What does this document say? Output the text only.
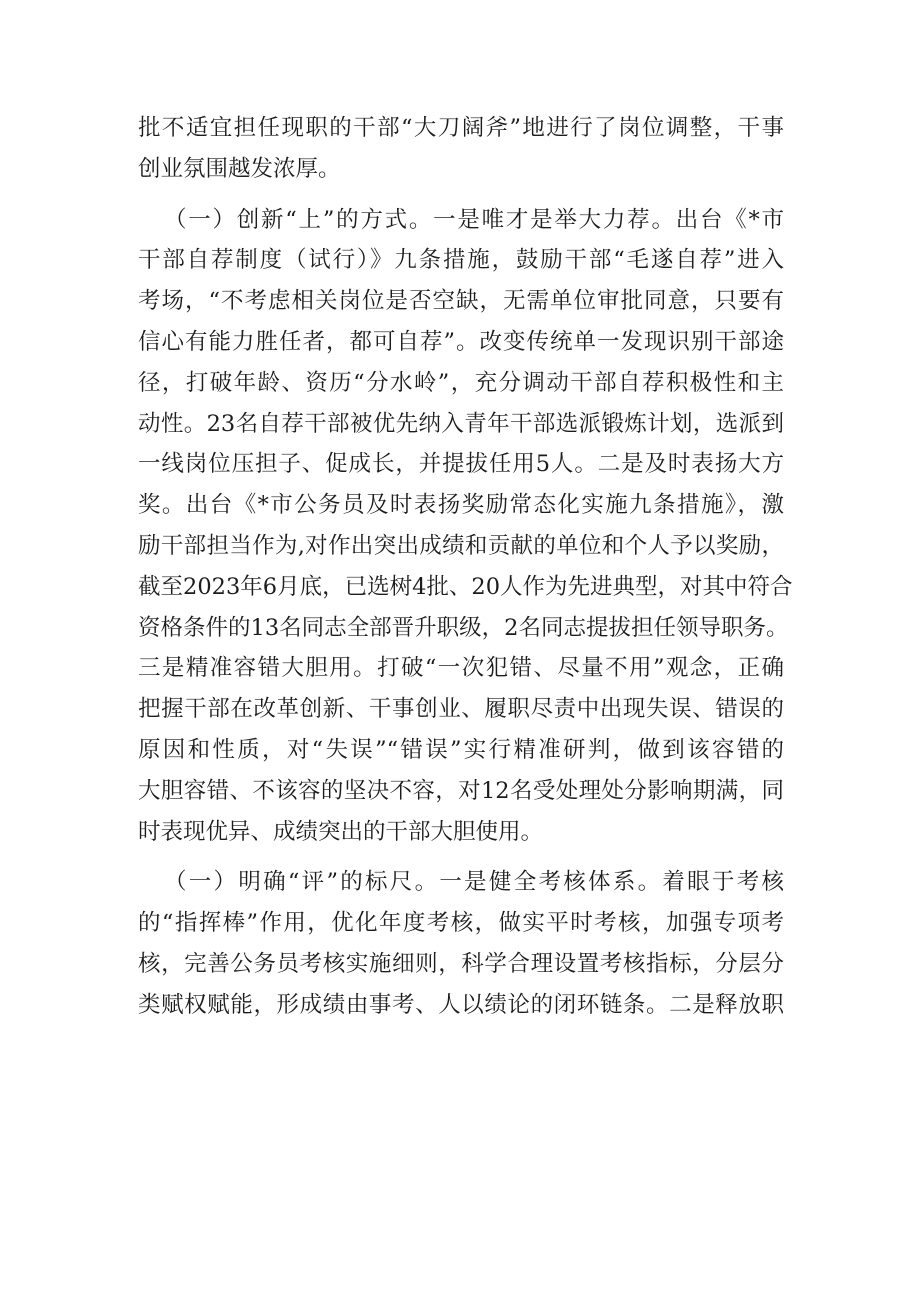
批不适宜担任现职的干部“大刀阔斧”地进行了岗位调整，干事
创业氛围越发浓厚。
（一）创新“上”的方式。一是唯才是举大力荐。出台《*市
干部自荐制度（试行）》九条措施，鼓励干部“毛遂自荐”进入
考场，“不考虑相关岗位是否空缺，无需单位审批同意，只要有
信心有能力胜任者，都可自荐”。改变传统单一发现识别干部途
径，打破年龄、资历“分水岭”，充分调动干部自荐积极性和主
动性。23名自荐干部被优先纳入青年干部选派锻炼计划，选派到
一线岗位压担子、促成长，并提拔任用5人。二是及时表扬大方
奖。出台《*市公务员及时表扬奖励常态化实施九条措施》，激
励干部担当作为,对作出突出成绩和贡献的单位和个人予以奖励，
截至2023年6月底，已选树4批、20人作为先进典型，对其中符合
资格条件的13名同志全部晋升职级，2名同志提拔担任领导职务。
三是精准容错大胆用。打破“一次犯错、尽量不用”观念，正确
把握干部在改革创新、干事创业、履职尽责中出现失误、错误的
原因和性质，对“失误”“错误”实行精准研判，做到该容错的
大胆容错、不该容的坚决不容，对12名受处理处分影响期满，同
时表现优异、成绩突出的干部大胆使用。
（一）明确“评”的标尺。一是健全考核体系。着眼于考核
的“指挥棒”作用，优化年度考核，做实平时考核，加强专项考
核，完善公务员考核实施细则，科学合理设置考核指标，分层分
类赋权赋能，形成绩由事考、人以绩论的闭环链条。二是释放职
